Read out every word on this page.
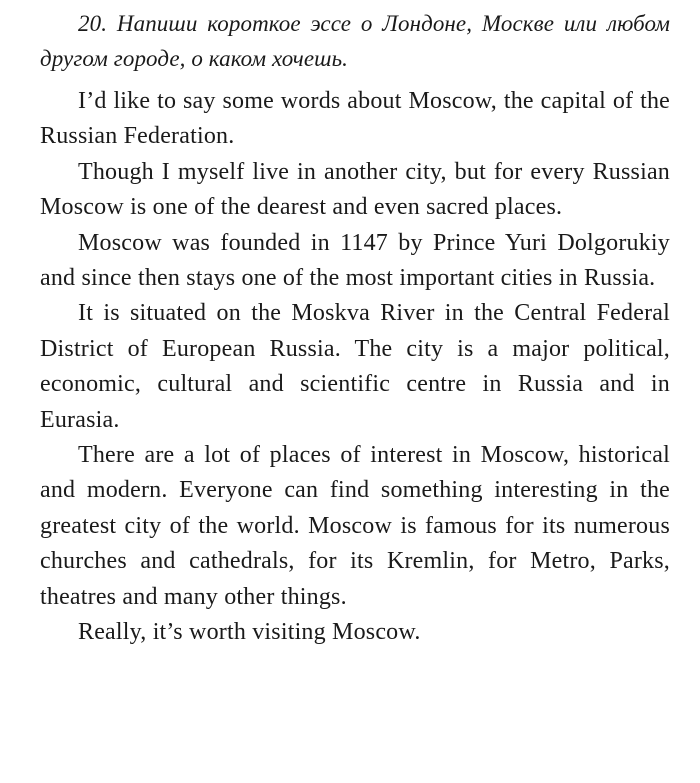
20. Напиши короткое эссе о Лондоне, Москве или любом другом городе, о каком хочешь.

I’d like to say some words about Moscow, the capital of the Russian Federation.

Though I myself live in another city, but for every Russian Moscow is one of the dearest and even sacred places.

Moscow was founded in 1147 by Prince Yuri Dolgorukiy and since then stays one of the most important cities in Russia.

It is situated on the Moskva River in the Central Federal District of European Russia. The city is a major political, economic, cultural and scientific centre in Russia and in Eurasia.

There are a lot of places of interest in Moscow, historical and modern. Everyone can find something interesting in the greatest city of the world. Moscow is famous for its numerous churches and cathedrals, for its Kremlin, for Metro, Parks, theatres and many other things.

Really, it’s worth visiting Moscow.
